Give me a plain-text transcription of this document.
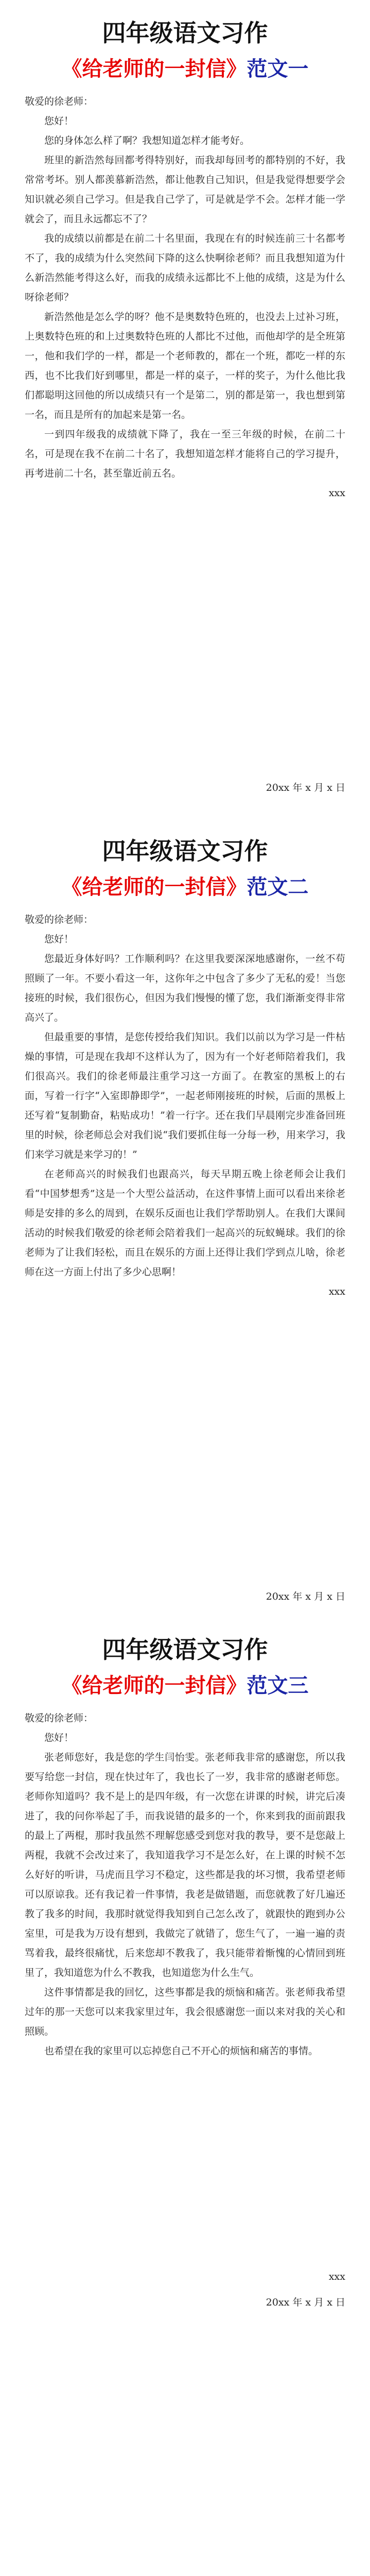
四年级语文习作
《给老师的一封信》范文一

敬爱的徐老师：

您好！

您的身体怎么样了啊？我想知道怎样才能考好。

班里的新浩然每回都考得特别好，而我却每回考的都特别的不好，我常常考坏。别人都羡慕新浩然，都让他教自己知识，但是我觉得想要学会知识就必须自己学习。但是我自己学了，可是就是学不会。怎样才能一学就会了，而且永远都忘不了？

我的成绩以前都是在前二十名里面，我现在有的时候连前三十名都考不了，我的成绩为什么突然间下降的这么快啊徐老师？而且我想知道为什么新浩然能考得这么好，而我的成绩永远都比不上他的成绩，这是为什么呀徐老师？

新浩然他是怎么学的呀？他不是奥数特色班的，也没去上过补习班，上奥数特色班的和上过奥数特色班的人都比不过他，而他却学的是全班第一，他和我们学的一样，都是一个老师教的，都在一个班，都吃一样的东西，也不比我们好到哪里，都是一样的桌子，一样的奖子，为什么他比我们都聪明这回他的所以成绩只有一个是第二，别的都是第一，我也想到第一名，而且是所有的加起来是第一名。

一到四年级我的成绩就下降了，我在一至三年级的时候，在前二十名，可是现在我不在前二十名了，我想知道怎样才能将自己的学习提升，再考进前二十名，甚至靠近前五名。

xxx

20xx 年 x 月 x 日

四年级语文习作
《给老师的一封信》范文二

敬爱的徐老师：

您好！

您最近身体好吗？工作顺利吗？在这里我要深深地感谢你，一丝不苟照顾了一年。不要小看这一年，这你年之中包含了多少了无私的爱！当您接班的时候，我们很伤心，但因为我们慢慢的懂了您，我们渐渐变得非常高兴了。

但最重要的事情，是您传授给我们知识。我们以前以为学习是一件枯燥的事情，可是现在我却不这样认为了，因为有一个好老师陪着我们，我们很高兴。我们的徐老师最注重学习这一方面了。在教室的黑板上的右面，写着一行字“入室即静即学”，一起老师刚接班的时候，后面的黑板上还写着“复制勤奋，粘贴成功！”着一行字。还在我们早晨刚完步准备回班里的时候，徐老师总会对我们说“我们要抓住每一分每一秒，用来学习，我们来学习就是来学习的！”

在老师高兴的时候我们也跟高兴，每天早期五晚上徐老师会让我们看“中国梦想秀”这是一个大型公益活动，在这件事情上面可以看出来徐老师是安排的多么的周到，在娱乐反面也让我们学帮助别人。在我们大课间活动的时候我们敬爱的徐老师会陪着我们一起高兴的玩蚁蝇球。我们的徐老师为了让我们轻松，而且在娱乐的方面上还得让我们学到点儿啥，徐老师在这一方面上付出了多少心思啊！

xxx

20xx 年 x 月 x 日

四年级语文习作
《给老师的一封信》范文三

敬爱的徐老师：

您好！

张老师您好，我是您的学生闫怡雯。张老师我非常的感谢您，所以我要写给您一封信，现在快过年了，我也长了一岁，我非常的感谢老师您。老师你知道吗？我不是上的是四年级，有一次您在讲课的时候，讲完后凑进了，我的问你举起了手，而我说错的最多的一个，你来到我的面前跟我的最上了两棍，那时我虽然不理解您感受到您对我的教导，要不是您敲上两棍，我就不会改过来了，我知道我学习不是怎么好，在上课的时候不怎么好好的听讲，马虎而且学习不稳定，这些都是我的坏习惯，我希望老师可以原谅我。还有我记着一件事情，我老是做错题，而您就教了好几遍还教了我多的时间，我那时就觉得我知到自己怎么改了，就跟快的跑到办公室里，可是我为万设有想到，我做完了就错了，您生气了，一遍一遍的责骂着我，最终很痛忧，后来您却不教我了，我只能带着惭愧的心情回到班里了，我知道您为什么不教我，也知道您为什么生气。

这件事情都是我的回忆，这些事都是我的烦恼和痛苦。张老师我希望过年的那一天您可以来我家里过年，我会很感谢您一面以来对我的关心和照顾。

也希望在我的家里可以忘掉您自己不开心的烦恼和痛苦的事情。

xxx

20xx 年 x 月 x 日
